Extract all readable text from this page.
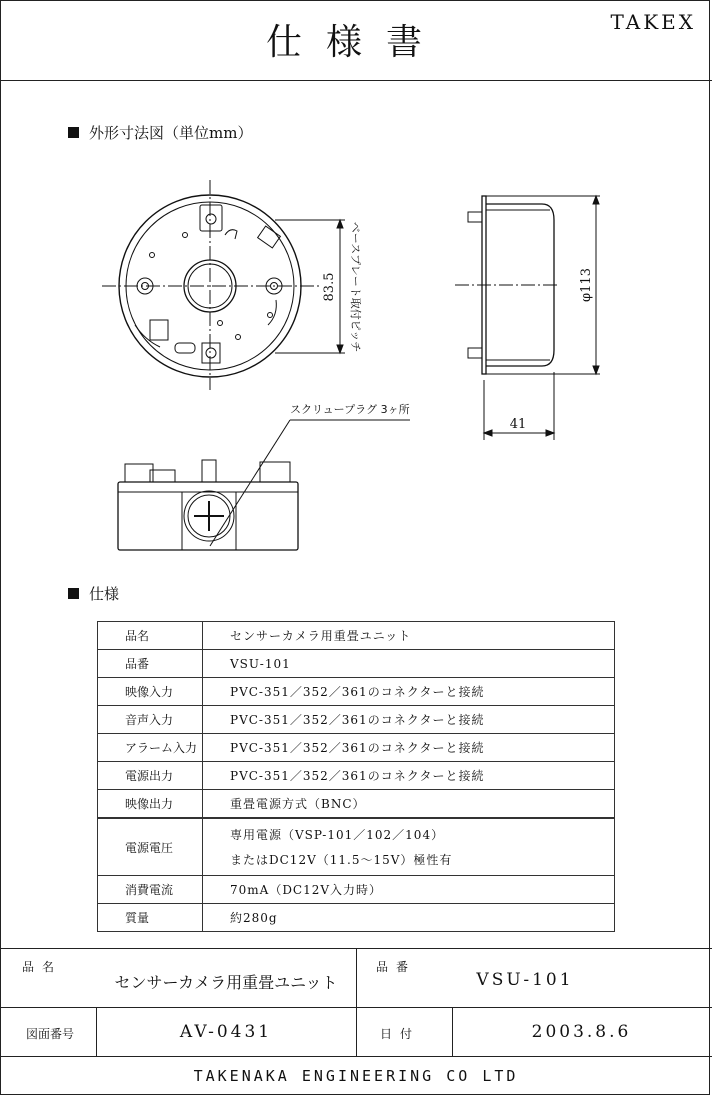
仕様書	TAKEX
外形寸法図（単位mm）
83.5 ベースプレート取付ピッチ	φ113
41
スクリュープラグ 3ヶ所
仕様
品名	センサーカメラ用重畳ユニット
品番	VSU-101
映像入力	PVC-351／352／361のコネクターと接続
音声入力	PVC-351／352／361のコネクターと接続
アラーム入力	PVC-351／352／361のコネクターと接続
電源出力	PVC-351／352／361のコネクターと接続
映像出力	重畳電源方式（BNC）
電源電圧	専用電源（VSP-101／102／104）
またはDC12V（11.5～15V）極性有

消費電流	70mA（DC12V入力時）
質量	約280g
品名
センサーカメラ用重畳ユニット
品番
VSU-101
図面番号	AV-0431	日付	2003.8.6
TAKENAKA ENGINEERING CO LTD
